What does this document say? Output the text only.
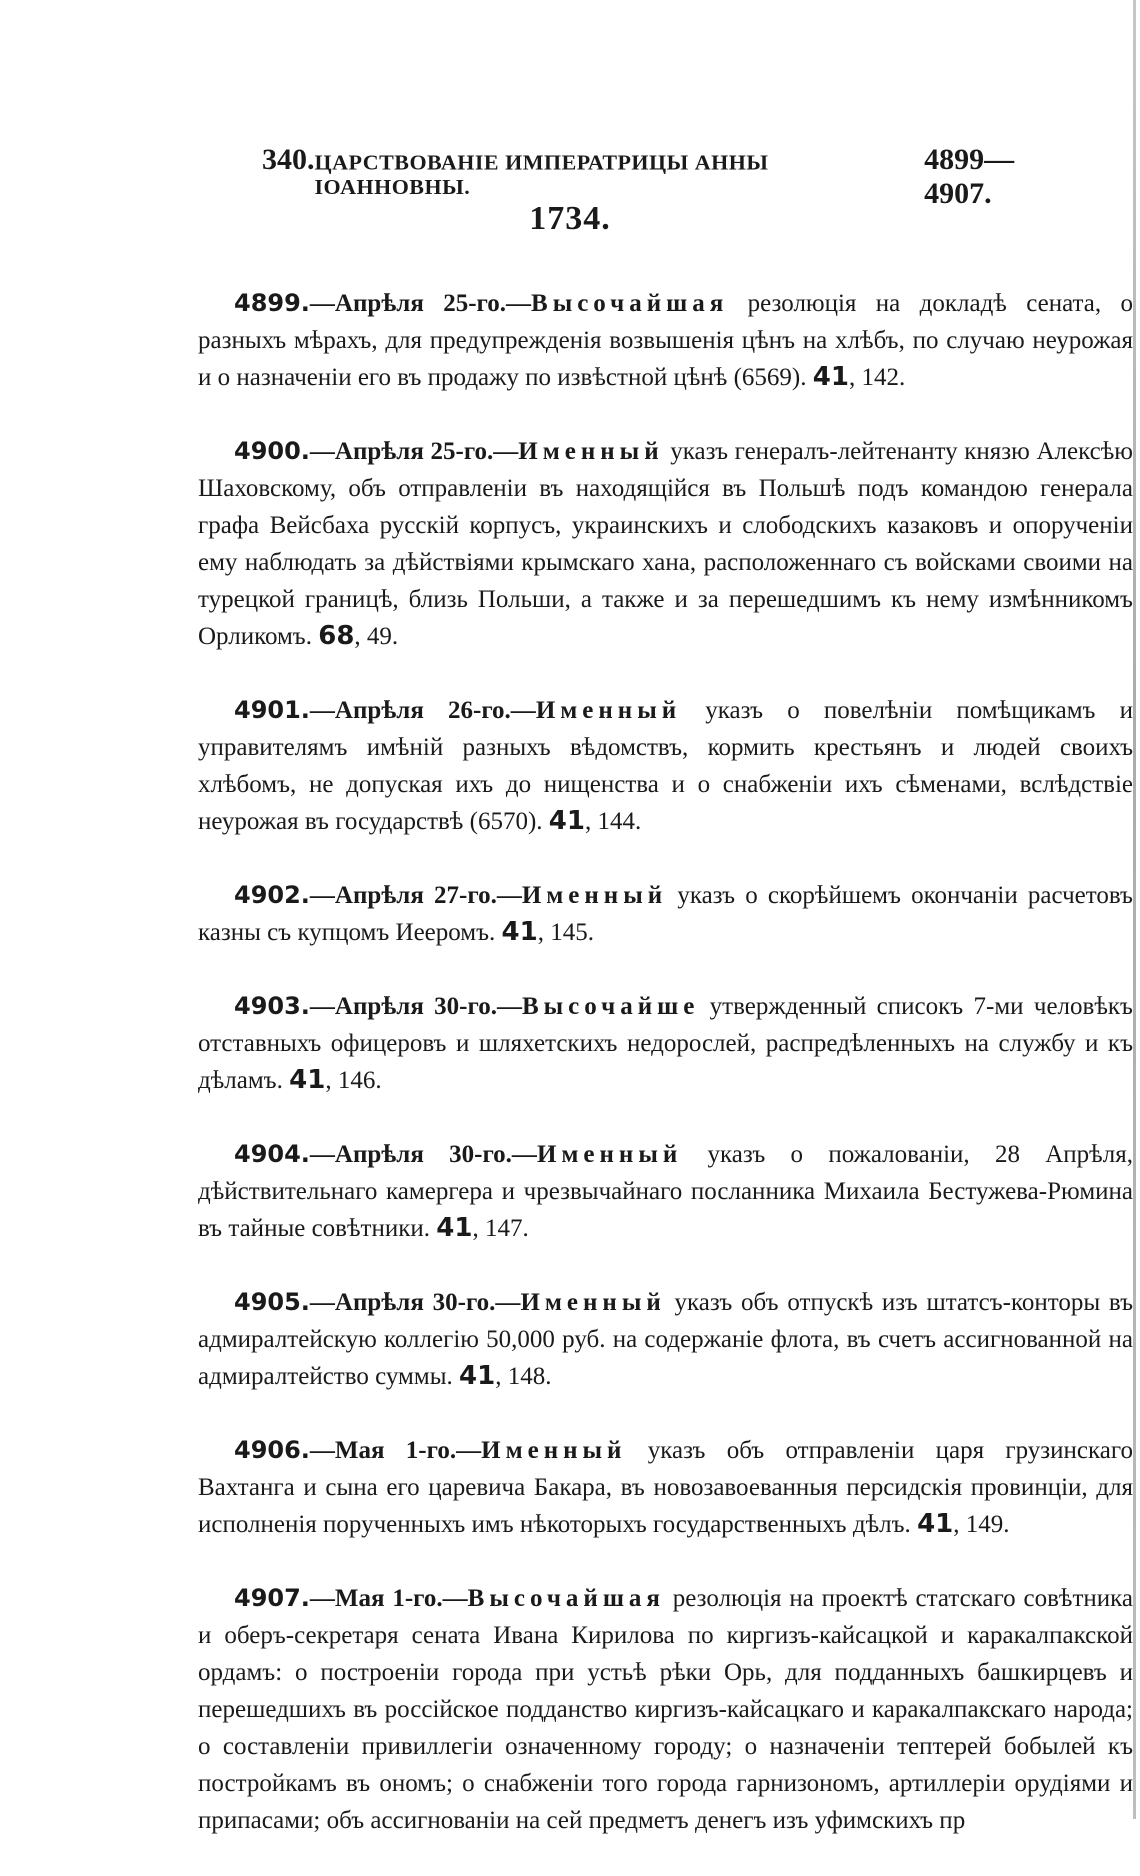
340. ЦАРСТВОВАНІЕ ИМПЕРАТРИЦЫ АННЫ ІОАННОВНЫ.
4899—4907.
1734.

4899.—Апрѣля 25-го.—Высочайшая резолюція на докладѣ сената, о разныхъ мѣрахъ, для предупрежденія возвышенія цѣнъ на хлѣбъ, по случаю неурожая и о назначеніи его въ продажу по извѣстной цѣнѣ (6569). 41, 142.

4900.—Апрѣля 25-го.—Именный указъ генералъ-лейтенанту князю Алексѣю Шаховскому, объ отправленіи въ находящійся въ Польшѣ подъ командою генерала графа Вейсбаха русскій корпусъ, украинскихъ и слободскихъ казаковъ и опорученіи ему наблюдать за дѣйствіями крымскаго хана, расположеннаго съ войсками своими на турецкой границѣ, близь Польши, а также и за перешедшимъ къ нему измѣнникомъ Орликомъ. 68, 49.

4901.—Апрѣля 26-го.—Именный указъ о повелѣніи помѣщикамъ и управителямъ имѣній разныхъ вѣдомствъ, кормить крестьянъ и людей своихъ хлѣбомъ, не допуская ихъ до нищенства и о снабженіи ихъ сѣменами, вслѣдствіе неурожая въ государствѣ (6570). 41, 144.

4902.—Апрѣля 27-го.—Именный указъ о скорѣйшемъ окончаніи расчетовъ казны съ купцомъ Иееромъ. 41, 145.

4903.—Апрѣля 30-го.—Высочайше утвержденный списокъ 7-ми человѣкъ отставныхъ офицеровъ и шляхетскихъ недорослей, распредѣленныхъ на службу и къ дѣламъ. 41, 146.

4904.—Апрѣля 30-го.—Именный указъ о пожалованіи, 28 Апрѣля, дѣйствительнаго камергера и чрезвычайнаго посланника Михаила Бестужева-Рюмина въ тайные совѣтники. 41, 147.

4905.—Апрѣля 30-го.—Именный указъ объ отпускѣ изъ штатсъ-конторы въ адмиралтейскую коллегію 50,000 руб. на содержаніе флота, въ счетъ ассигнованной на адмиралтейство суммы. 41, 148.

4906.—Мая 1-го.—Именный указъ объ отправленіи царя грузинскаго Вахтанга и сына его царевича Бакара, въ новозавоеванныя персидскія провинціи, для исполненія порученныхъ имъ нѣкоторыхъ государственныхъ дѣлъ. 41, 149.

4907.—Мая 1-го.—Высочайшая резолюція на проектѣ статскаго совѣтника и оберъ-секретаря сената Ивана Кирилова по киргизъ-кайсацкой и каракалпакской ордамъ: о построеніи города при устьѣ рѣки Орь, для подданныхъ башкирцевъ и перешедшихъ въ россійское подданство киргизъ-кайсацкаго и каракалпакскаго народа; о составленіи привиллегіи означенному городу; о назначеніи тептерей бобылей къ постройкамъ въ ономъ; о снабженіи того города гарнизономъ, артиллеріи орудіями и припасами; объ ассигнованіи на сей предметъ денегъ изъ уфимскихъ пр
